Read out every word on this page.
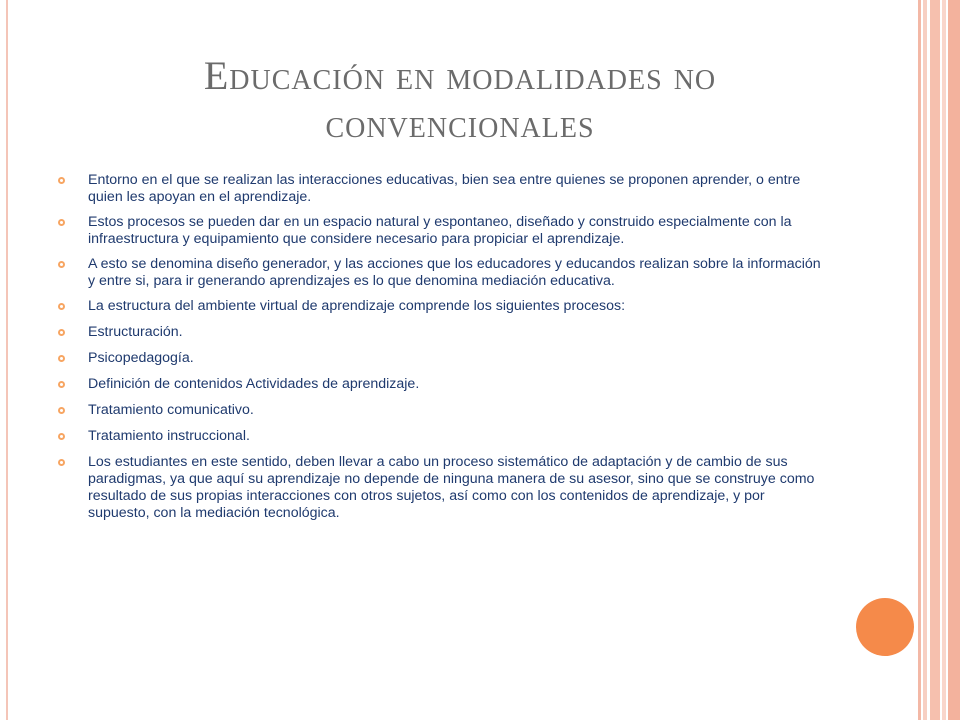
Educación en modalidades no convencionales
Entorno en el que se realizan las interacciones educativas, bien sea entre quienes se proponen aprender, o entre quien les apoyan en el aprendizaje.
Estos procesos se pueden dar en un espacio natural y espontaneo, diseñado y construido especialmente con la infraestructura y equipamiento que considere necesario para propiciar el aprendizaje.
A esto se denomina diseño generador, y las acciones que los educadores y educandos realizan sobre la información y entre si, para ir generando aprendizajes es lo que denomina mediación educativa.
La estructura del ambiente virtual de aprendizaje comprende los siguientes procesos:
Estructuración.
Psicopedagogía.
Definición de contenidos Actividades de aprendizaje.
Tratamiento comunicativo.
Tratamiento instruccional.
Los estudiantes en este sentido, deben llevar a cabo un proceso sistemático de adaptación y de cambio de sus paradigmas, ya que aquí su aprendizaje no depende de ninguna manera de su asesor, sino que se construye como resultado de sus propias interacciones con otros sujetos, así como con los contenidos de aprendizaje, y por supuesto, con la mediación tecnológica.
